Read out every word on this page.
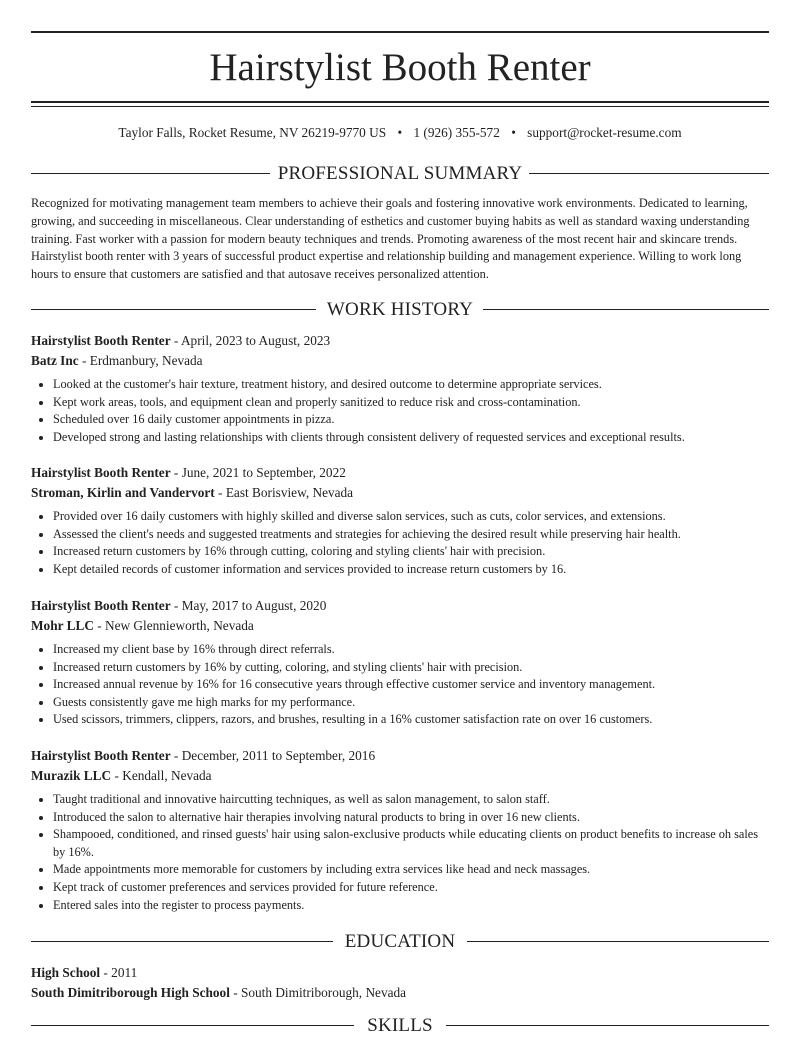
Hairstylist Booth Renter
Taylor Falls, Rocket Resume, NV 26219-9770 US • 1 (926) 355-572 • support@rocket-resume.com
PROFESSIONAL SUMMARY
Recognized for motivating management team members to achieve their goals and fostering innovative work environments. Dedicated to learning, growing, and succeeding in miscellaneous. Clear understanding of esthetics and customer buying habits as well as standard waxing understanding training. Fast worker with a passion for modern beauty techniques and trends. Promoting awareness of the most recent hair and skincare trends. Hairstylist booth renter with 3 years of successful product expertise and relationship building and management experience. Willing to work long hours to ensure that customers are satisfied and that autosave receives personalized attention.
WORK HISTORY
Hairstylist Booth Renter - April, 2023 to August, 2023
Batz Inc - Erdmanbury, Nevada
• Looked at the customer's hair texture, treatment history, and desired outcome to determine appropriate services.
• Kept work areas, tools, and equipment clean and properly sanitized to reduce risk and cross-contamination.
• Scheduled over 16 daily customer appointments in pizza.
• Developed strong and lasting relationships with clients through consistent delivery of requested services and exceptional results.
Hairstylist Booth Renter - June, 2021 to September, 2022
Stroman, Kirlin and Vandervort - East Borisview, Nevada
• Provided over 16 daily customers with highly skilled and diverse salon services, such as cuts, color services, and extensions.
• Assessed the client's needs and suggested treatments and strategies for achieving the desired result while preserving hair health.
• Increased return customers by 16% through cutting, coloring and styling clients' hair with precision.
• Kept detailed records of customer information and services provided to increase return customers by 16.
Hairstylist Booth Renter - May, 2017 to August, 2020
Mohr LLC - New Glennieworth, Nevada
• Increased my client base by 16% through direct referrals.
• Increased return customers by 16% by cutting, coloring, and styling clients' hair with precision.
• Increased annual revenue by 16% for 16 consecutive years through effective customer service and inventory management.
• Guests consistently gave me high marks for my performance.
• Used scissors, trimmers, clippers, razors, and brushes, resulting in a 16% customer satisfaction rate on over 16 customers.
Hairstylist Booth Renter - December, 2011 to September, 2016
Murazik LLC - Kendall, Nevada
• Taught traditional and innovative haircutting techniques, as well as salon management, to salon staff.
• Introduced the salon to alternative hair therapies involving natural products to bring in over 16 new clients.
• Shampooed, conditioned, and rinsed guests' hair using salon-exclusive products while educating clients on product benefits to increase oh sales by 16%.
• Made appointments more memorable for customers by including extra services like head and neck massages.
• Kept track of customer preferences and services provided for future reference.
• Entered sales into the register to process payments.
EDUCATION
High School - 2011
South Dimitriborough High School - South Dimitriborough, Nevada
SKILLS
